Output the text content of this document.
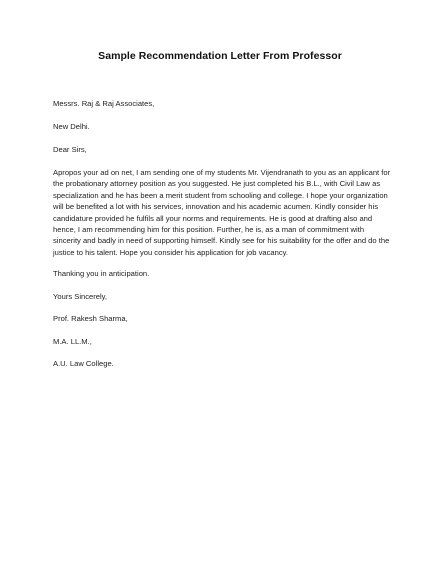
Sample Recommendation Letter From Professor
Messrs. Raj & Raj Associates,
New Delhi.
Dear Sirs,
Apropos your ad on net, I am sending one of my students Mr. Vijendranath to you as an applicant for
the probationary attorney position as you suggested. He just completed his B.L., with Civil Law as
specialization and he has been a merit student from schooling and college. I hope your organization
will be benefited a lot with his services, innovation and his academic acumen. Kindly consider his
candidature provided he fulfils all your norms and requirements. He is good at drafting also and
hence, I am recommending him for this position. Further, he is, as a man of commitment with
sincerity and badly in need of supporting himself. Kindly see for his suitability for the offer and do the
justice to his talent. Hope you consider his application for job vacancy.
Thanking you in anticipation.
Yours Sincerely,
Prof. Rakesh Sharma,
M.A. LL.M.,
A.U. Law College.
